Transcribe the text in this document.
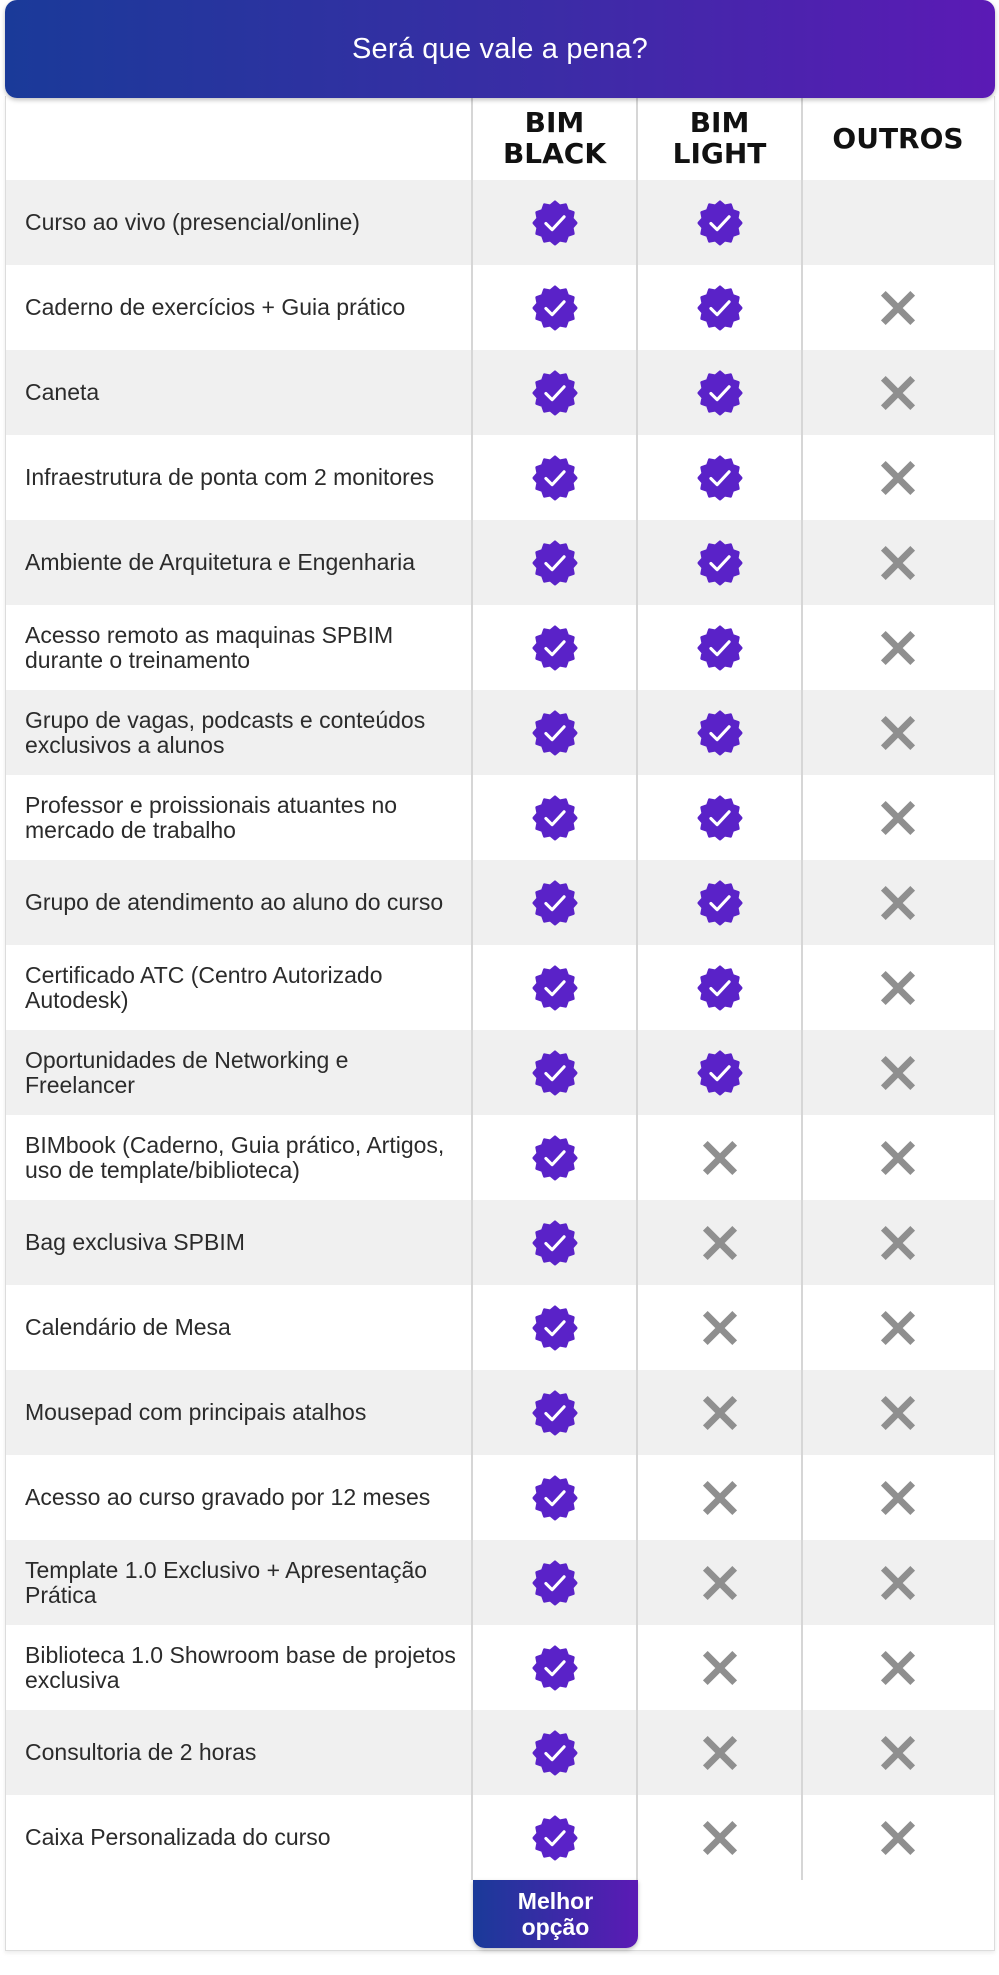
Será que vale a pena?
BIM
BLACK
BIM
LIGHT OUTROS
Curso ao vivo (presencial/online)
Caderno de exercícios + Guia prático
Caneta
Infraestrutura de ponta com 2 monitores
Ambiente de Arquitetura e Engenharia
Acesso remoto as maquinas SPBIM durante o treinamento
Grupo de vagas, podcasts e conteúdos exclusivos a alunos
Professor e proissionais atuantes no mercado de trabalho
Grupo de atendimento ao aluno do curso
Certificado ATC (Centro Autorizado Autodesk)
Oportunidades de Networking e Freelancer
BIMbook (Caderno, Guia prático, Artigos, uso de template/biblioteca)
Bag exclusiva SPBIM
Calendário de Mesa
Mousepad com principais atalhos
Acesso ao curso gravado por 12 meses
Template 1.0 Exclusivo + Apresentação Prática
Biblioteca 1.0 Showroom base de projetos exclusiva
Consultoria de 2 horas
Caixa Personalizada do curso
Melhor
opção
